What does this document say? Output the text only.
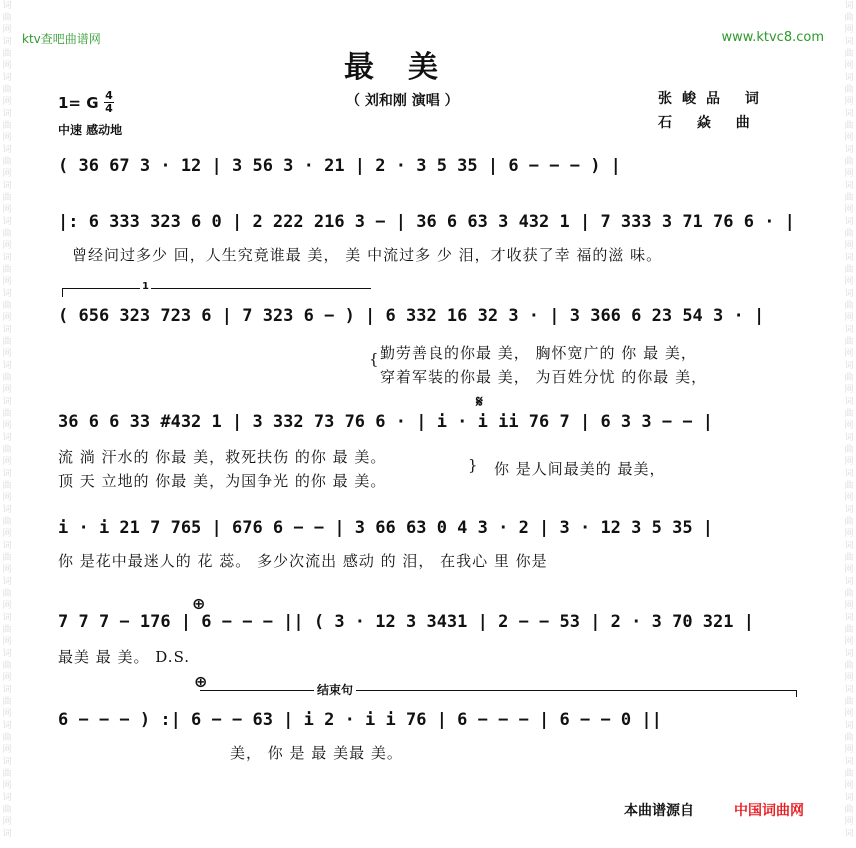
词
曲
网
词
曲
网
词
曲
网
词
曲
网
词
曲
网
词
曲
网
词
曲
网
词
曲
网
词
曲
网
词
曲
网
词
曲
网
词
曲
网
词
曲
网
词
曲
网
词
曲
网
词
曲
网
词
曲
网
词
曲
网
词
曲
网
词
曲
网
词
曲
网
词
曲
网
词
曲
网
词

词
曲
网
词
曲
网
词
曲
网
词
曲
网
词
曲
网
词
曲
网
词
曲
网
词
曲
网
词
曲
网
词
曲
网
词
曲
网
词
曲
网
词
曲
网
词
曲
网
词
曲
网
词
曲
网
词
曲
网
词
曲
网
词
曲
网
词
曲
网
词
曲
网
词
曲
网
词
曲
网
词

ktv查吧曲谱网	www.ktvc8.com
最美
（ 刘和刚 演唱 ）
1= G 4
4
中速 感动地
张峻品 词
石 焱 曲
1
𝄋
⊕
⊕	结束句
( 36 67 3 · 12 | 3 56 3 · 21 | 2 · 3 5 35 | 6 − − − ) |
|: 6 333 323 6 0 | 2 222 216 3 − | 36 6 63 3 432 1 | 7 333 3 71 76 6 · |
曾经问过多少 回，人生究竟谁最 美， 美 中流过多 少 泪，才收获了幸 福的滋 味。
( 656 323 723 6 | 7 323 6 − ) | 6 332 16 32 3 · | 3 366 6 23 54 3 · |
勤劳善良的你最 美， 胸怀宽广的 你 最 美，
穿着军装的你最 美， 为百姓分忧 的你最 美，
{
36 6 6 33 #432 1 | 3 332 73 76 6 · | i · i ii 76 7 | 6 3 3 − − |
流 淌 汗水的 你最 美，救死扶伤 的你 最 美。
顶 天 立地的 你最 美，为国争光 的你 最 美。
} 你 是人间最美的 最美，
i · i 21 7 765 | 676 6 − − | 3 66 63 0 4 3 · 2 | 3 · 12 3 5 35 |
你 是花中最迷人的 花 蕊。 多少次流出 感动 的 泪， 在我心 里 你是
7 7 7 − 176 | 6 − − − || ( 3 · 12 3 3431 | 2 − − 53 | 2 · 3 70 321 |
最美 最 美。 D.S.
6 − − − ) :| 6 − − 63 | i 2 · i i 76 | 6 − − − | 6 − − 0 ||
美， 你 是 最 美最 美。
本曲谱源自	中国词曲网
